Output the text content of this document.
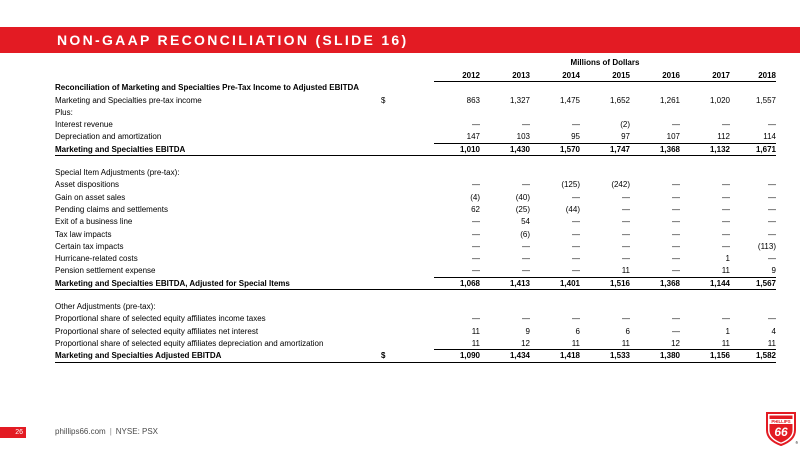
NON-GAAP RECONCILIATION (SLIDE 16)
Millions of Dollars
2012	2013	2014	2015	2016	2017	2018
Reconciliation of Marketing and Specialties Pre-Tax Income to Adjusted EBITDA
Marketing and Specialties pre-tax income	$	863	1,327	1,475	1,652	1,261	1,020	1,557
Plus:
Interest revenue	—	—	—	(2)	—	—	—
Depreciation and amortization	147	103	95	97	107	112	114
Marketing and Specialties EBITDA	1,010	1,430	1,570	1,747	1,368	1,132	1,671
Special Item Adjustments (pre-tax):
Asset dispositions	—	—	(125)	(242)	—	—	—
Gain on asset sales	(4)	(40)	—	—	—	—	—
Pending claims and settlements	62	(25)	(44)	—	—	—	—
Exit of a business line	—	54	—	—	—	—	—
Tax law impacts	—	(6)	—	—	—	—	—
Certain tax impacts	—	—	—	—	—	—	(113)
Hurricane-related costs	—	—	—	—	—	1	—
Pension settlement expense	—	—	—	11	—	11	9
Marketing and Specialties EBITDA, Adjusted for Special Items	1,068	1,413	1,401	1,516	1,368	1,144	1,567
Other Adjustments (pre-tax):
Proportional share of selected equity affiliates income taxes	—	—	—	—	—	—	—
Proportional share of selected equity affiliates net interest	11	9	6	6	—	1	4
Proportional share of selected equity affiliates depreciation and amortization	11	12	11	11	12	11	11
Marketing and Specialties Adjusted EBITDA	$	1,090	1,434	1,418	1,533	1,380	1,156	1,582
26	phillips66.com | NYSE: PSX
PHILLIPS
66
®
